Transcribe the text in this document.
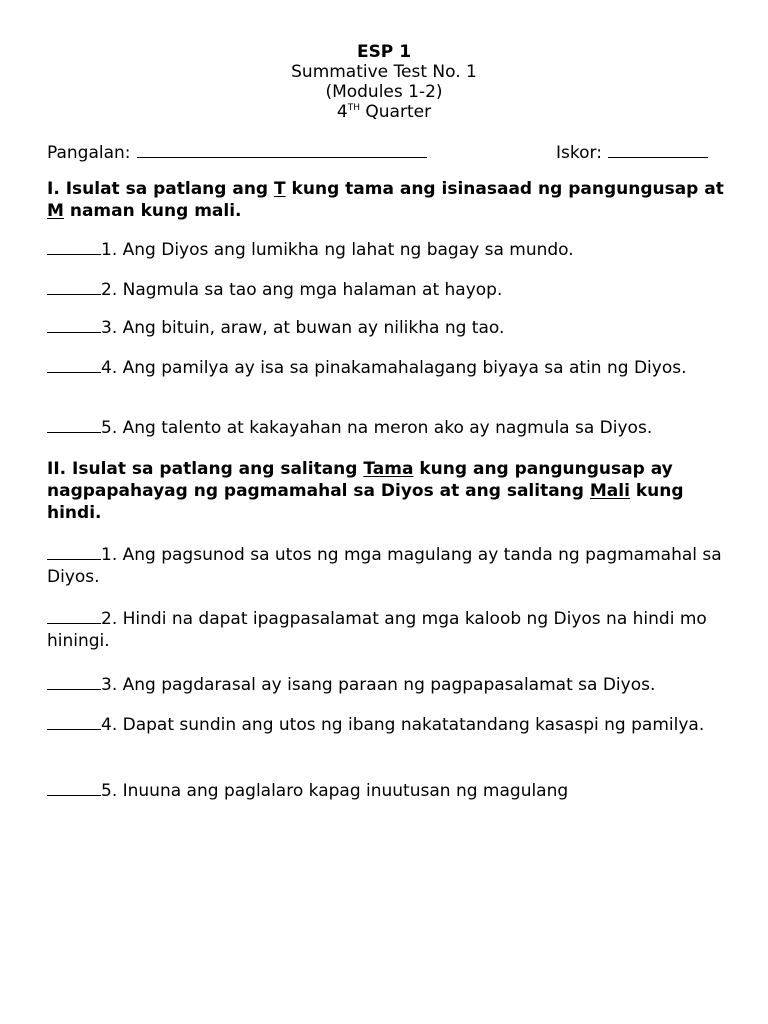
ESP 1
Summative Test No. 1
(Modules 1-2)
4TH Quarter
Pangalan:	Iskor:
I. Isulat sa patlang ang T kung tama ang isinasaad ng pangungusap at M naman kung mali.
1. Ang Diyos ang lumikha ng lahat ng bagay sa mundo.
2. Nagmula sa tao ang mga halaman at hayop.
3. Ang bituin, araw, at buwan ay nilikha ng tao.
4. Ang pamilya ay isa sa pinakamahalagang biyaya sa atin ng Diyos.
5. Ang talento at kakayahan na meron ako ay nagmula sa Diyos.
II. Isulat sa patlang ang salitang Tama kung ang pangungusap ay nagpapahayag ng pagmamahal sa Diyos at ang salitang Mali kung hindi.
1. Ang pagsunod sa utos ng mga magulang ay tanda ng pagmamahal sa Diyos.
2. Hindi na dapat ipagpasalamat ang mga kaloob ng Diyos na hindi mo hiningi.
3. Ang pagdarasal ay isang paraan ng pagpapasalamat sa Diyos.
4. Dapat sundin ang utos ng ibang nakatatandang kasaspi ng pamilya.
5. Inuuna ang paglalaro kapag inuutusan ng magulang
